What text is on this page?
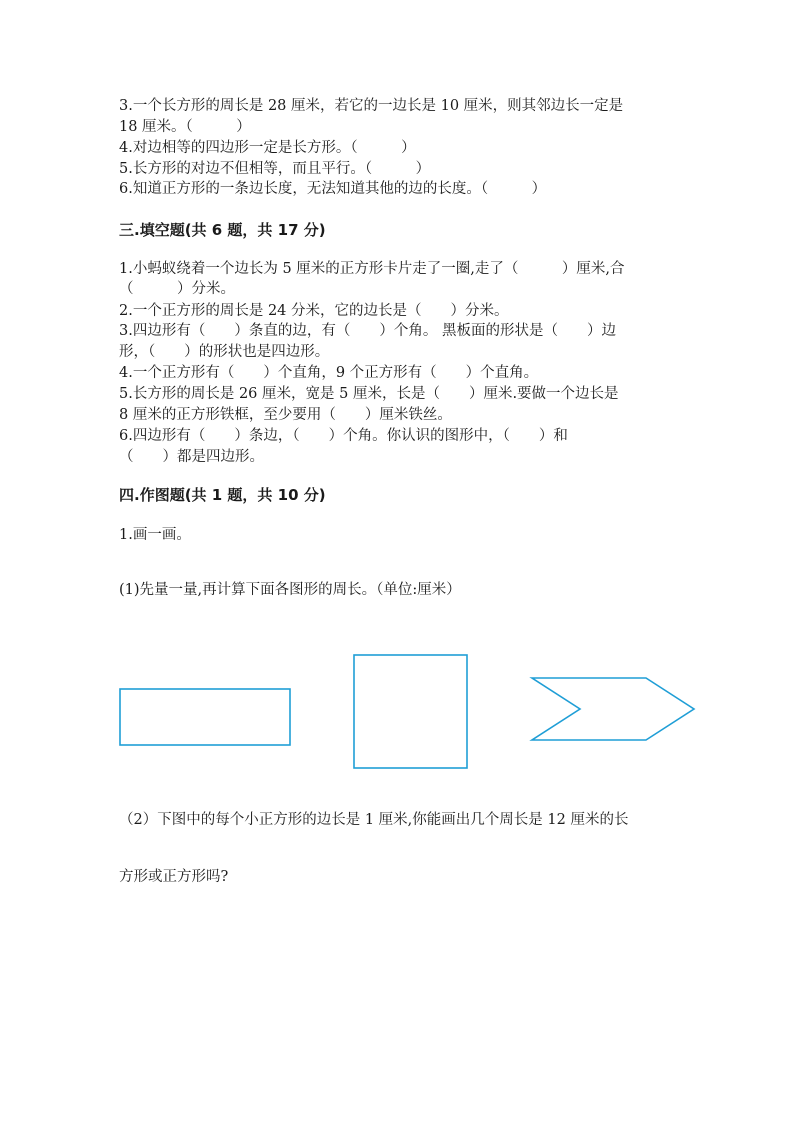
3.一个长方形的周长是 28 厘米，若它的一边长是 10 厘米，则其邻边长一定是
18 厘米。（　　　）
4.对边相等的四边形一定是长方形。（　　　）
5.长方形的对边不但相等，而且平行。（　　　）
6.知道正方形的一条边长度，无法知道其他的边的长度。（　　　）
三.填空题(共 6 题，共 17 分)
1.小蚂蚁绕着一个边长为 5 厘米的正方形卡片走了一圈,走了（　　　）厘米,合
（　　　）分米。
2.一个正方形的周长是 24 分米，它的边长是（　　）分米。
3.四边形有（　　）条直的边，有（　　）个角。 黑板面的形状是（　　）边
形，（　　）的形状也是四边形。
4.一个正方形有（　　）个直角，9 个正方形有（　　）个直角。
5.长方形的周长是 26 厘米，宽是 5 厘米，长是（　　）厘米.要做一个边长是
8 厘米的正方形铁框，至少要用（　　）厘米铁丝。
6.四边形有（　　）条边，（　　）个角。你认识的图形中，（　　）和
（　　）都是四边形。
四.作图题(共 1 题，共 10 分)
1.画一画。
(1)先量一量,再计算下面各图形的周长。（单位:厘米）
（2）下图中的每个小正方形的边长是 1 厘米,你能画出几个周长是 12 厘米的长
方形或正方形吗?
